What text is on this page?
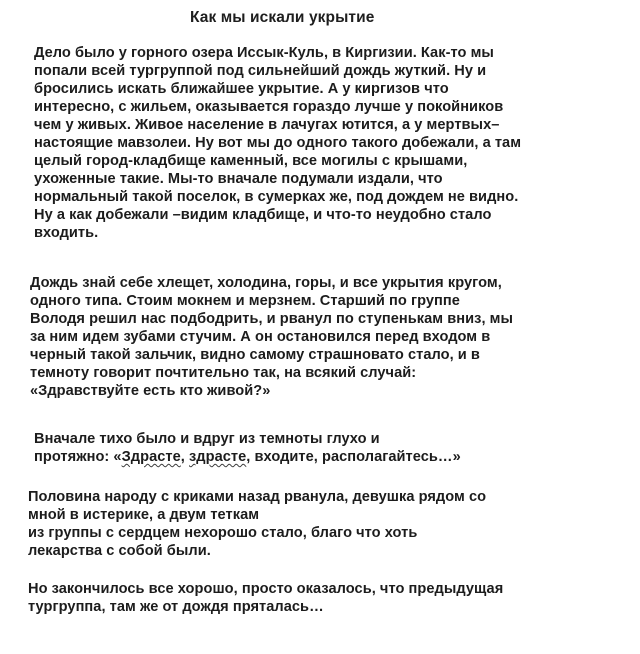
Как мы искали укрытие
Дело было у горного озера Иссык-Куль, в Киргизии. Как-то мы
попали всей тургруппой под сильнейший дождь жуткий. Ну и
бросились искать ближайшее укрытие. А у киргизов что
интересно, с жильем, оказывается гораздо лучше у покойников
чем у живых. Живое население в лачугах ютится, а у мертвых–
настоящие мавзолеи. Ну вот мы до одного такого добежали, а там
целый город-кладбище каменный, все могилы с крышами,
ухоженные такие. Мы-то вначале подумали издали, что
нормальный такой поселок, в сумерках же, под дождем не видно.
Ну а как добежали –видим кладбище, и что-то неудобно стало
входить.
Дождь знай себе хлещет, холодина, горы, и все укрытия кругом,
одного типа. Стоим мокнем и мерзнем. Старший по группе
Володя решил нас подбодрить, и рванул по ступенькам вниз, мы
за ним идем зубами стучим. А он остановился перед входом в
черный такой зальчик, видно самому страшновато стало, и в
темноту говорит почтительно так, на всякий случай:
«Здравствуйте есть кто живой?»
Вначале тихо было и вдруг из темноты глухо и
протяжно: «Здрасте, здрасте, входите, располагайтесь…»
Половина народу с криками назад рванула, девушка рядом со
мной в истерике, а двум теткам
из группы с сердцем нехорошо стало, благо что хоть
лекарства с собой были.
Но закончилось все хорошо, просто оказалось, что предыдущая
тургруппа, там же от дождя пряталась…
